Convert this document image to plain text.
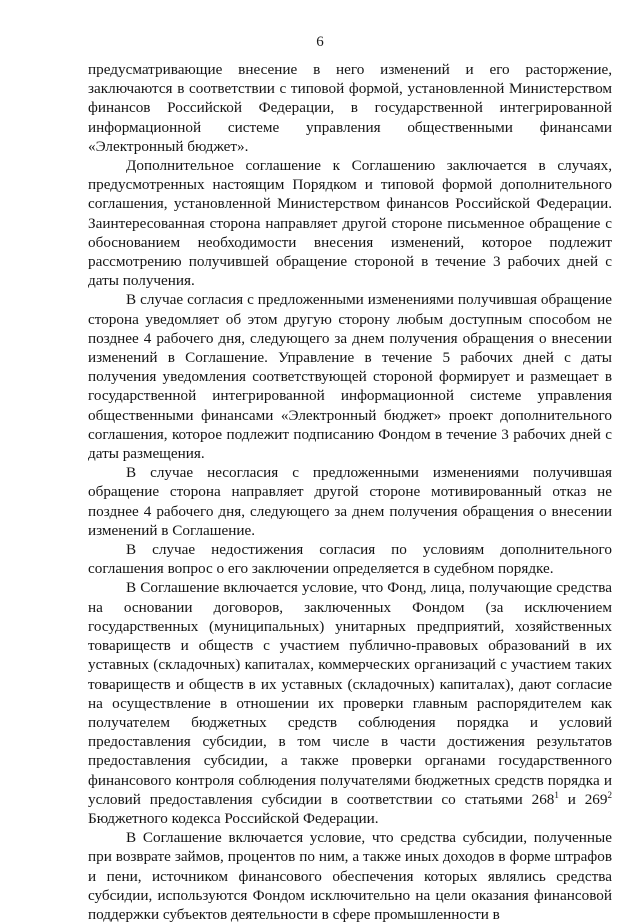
6

предусматривающие внесение в него изменений и его расторжение, заключаются в соответствии с типовой формой, установленной Министерством финансов Российской Федерации, в государственной интегрированной информационной системе управления общественными финансами «Электронный бюджет».

Дополнительное соглашение к Соглашению заключается в случаях, предусмотренных настоящим Порядком и типовой формой дополнительного соглашения, установленной Министерством финансов Российской Федерации. Заинтересованная сторона направляет другой стороне письменное обращение с обоснованием необходимости внесения изменений, которое подлежит рассмотрению получившей обращение стороной в течение 3 рабочих дней с даты получения.

В случае согласия с предложенными изменениями получившая обращение сторона уведомляет об этом другую сторону любым доступным способом не позднее 4 рабочего дня, следующего за днем получения обращения о внесении изменений в Соглашение. Управление в течение 5 рабочих дней с даты получения уведомления соответствующей стороной формирует и размещает в государственной интегрированной информационной системе управления общественными финансами «Электронный бюджет» проект дополнительного соглашения, которое подлежит подписанию Фондом в течение 3 рабочих дней с даты размещения.

В случае несогласия с предложенными изменениями получившая обращение сторона направляет другой стороне мотивированный отказ не позднее 4 рабочего дня, следующего за днем получения обращения о внесении изменений в Соглашение.

В случае недостижения согласия по условиям дополнительного соглашения вопрос о его заключении определяется в судебном порядке.

В Соглашение включается условие, что Фонд, лица, получающие средства на основании договоров, заключенных Фондом (за исключением государственных (муниципальных) унитарных предприятий, хозяйственных товариществ и обществ с участием публично-правовых образований в их уставных (складочных) капиталах, коммерческих организаций с участием таких товариществ и обществ в их уставных (складочных) капиталах), дают согласие на осуществление в отношении их проверки главным распорядителем как получателем бюджетных средств соблюдения порядка и условий предоставления субсидии, в том числе в части достижения результатов предоставления субсидии, а также проверки органами государственного финансового контроля соблюдения получателями бюджетных средств порядка и условий предоставления субсидии в соответствии со статьями $268^1$ и $269^2$ Бюджетного кодекса Российской Федерации.

В Соглашение включается условие, что средства субсидии, полученные при возврате займов, процентов по ним, а также иных доходов в форме штрафов и пени, источником финансового обеспечения которых являлись средства субсидии, используются Фондом исключительно на цели оказания финансовой поддержки субъектов деятельности в сфере промышленности в
